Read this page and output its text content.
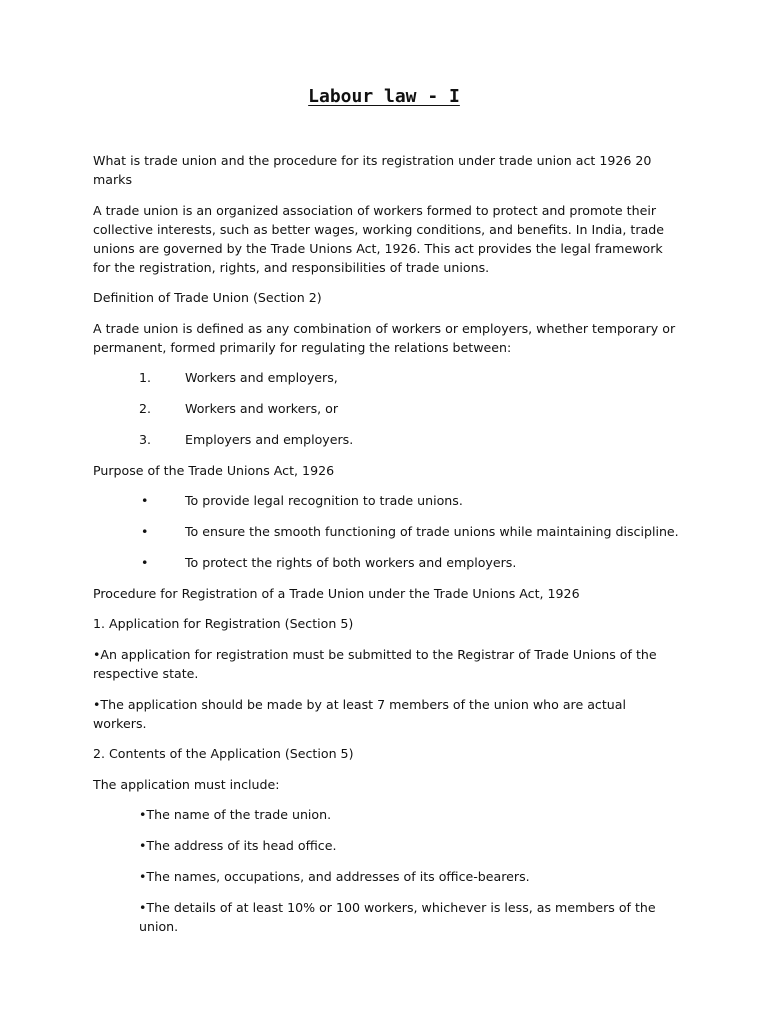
Labour law - I

What is trade union and the procedure for its registration under trade union act 1926 20 marks

A trade union is an organized association of workers formed to protect and promote their collective interests, such as better wages, working conditions, and benefits. In India, trade unions are governed by the Trade Unions Act, 1926. This act provides the legal framework for the registration, rights, and responsibilities of trade unions.

Definition of Trade Union (Section 2)

A trade union is defined as any combination of workers or employers, whether temporary or permanent, formed primarily for regulating the relations between:

1.	Workers and employers,
2.	Workers and workers, or
3.	Employers and employers.

Purpose of the Trade Unions Act, 1926

•	To provide legal recognition to trade unions.
•	To ensure the smooth functioning of trade unions while maintaining discipline.
•	To protect the rights of both workers and employers.

Procedure for Registration of a Trade Union under the Trade Unions Act, 1926

1. Application for Registration (Section 5)

•An application for registration must be submitted to the Registrar of Trade Unions of the respective state.

•The application should be made by at least 7 members of the union who are actual workers.

2. Contents of the Application (Section 5)

The application must include:

•The name of the trade union.
•The address of its head office.
•The names, occupations, and addresses of its office-bearers.
•The details of at least 10% or 100 workers, whichever is less, as members of the union.
